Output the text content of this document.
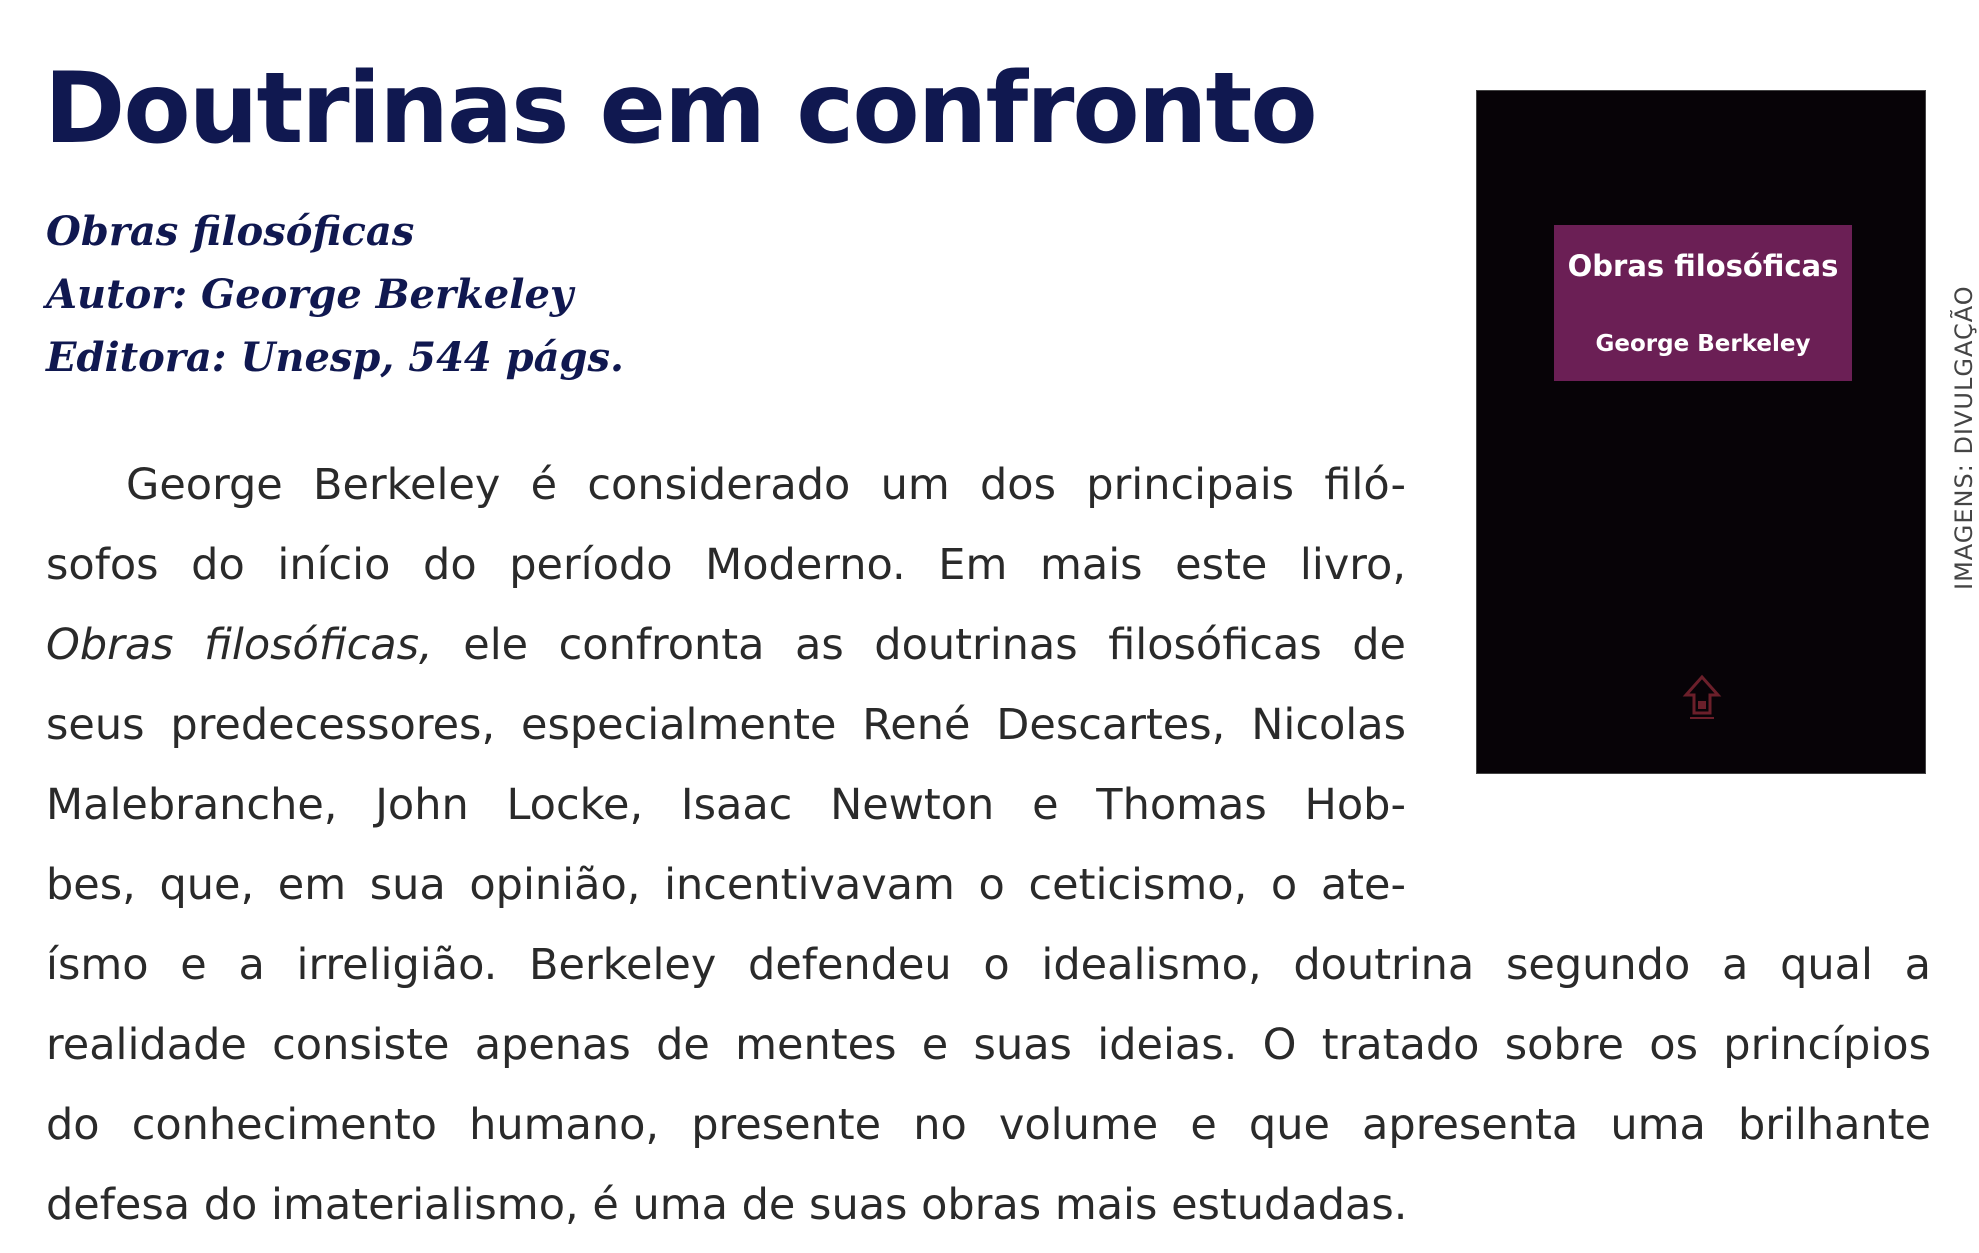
Doutrinas em confronto
Obras filosóficas
Autor: George Berkeley
Editora: Unesp, 544 págs.
George Berkeley é considerado um dos principais filó-
sofos do início do período Moderno. Em mais este livro,
Obras filosóficas, ele confronta as doutrinas filosóficas de
seus predecessores, especialmente René Descartes, Nicolas
Malebranche, John Locke, Isaac Newton e Thomas Hob-
bes, que, em sua opinião, incentivavam o ceticismo, o ate-
ísmo e a irreligião. Berkeley defendeu o idealismo, doutrina segundo a qual a
realidade consiste apenas de mentes e suas ideias. O tratado sobre os princípios
do conhecimento humano, presente no volume e que apresenta uma brilhante
defesa do imaterialismo, é uma de suas obras mais estudadas.
Obras filosóficas
George Berkeley	IMAGENS: DIVULGAÇÃO
